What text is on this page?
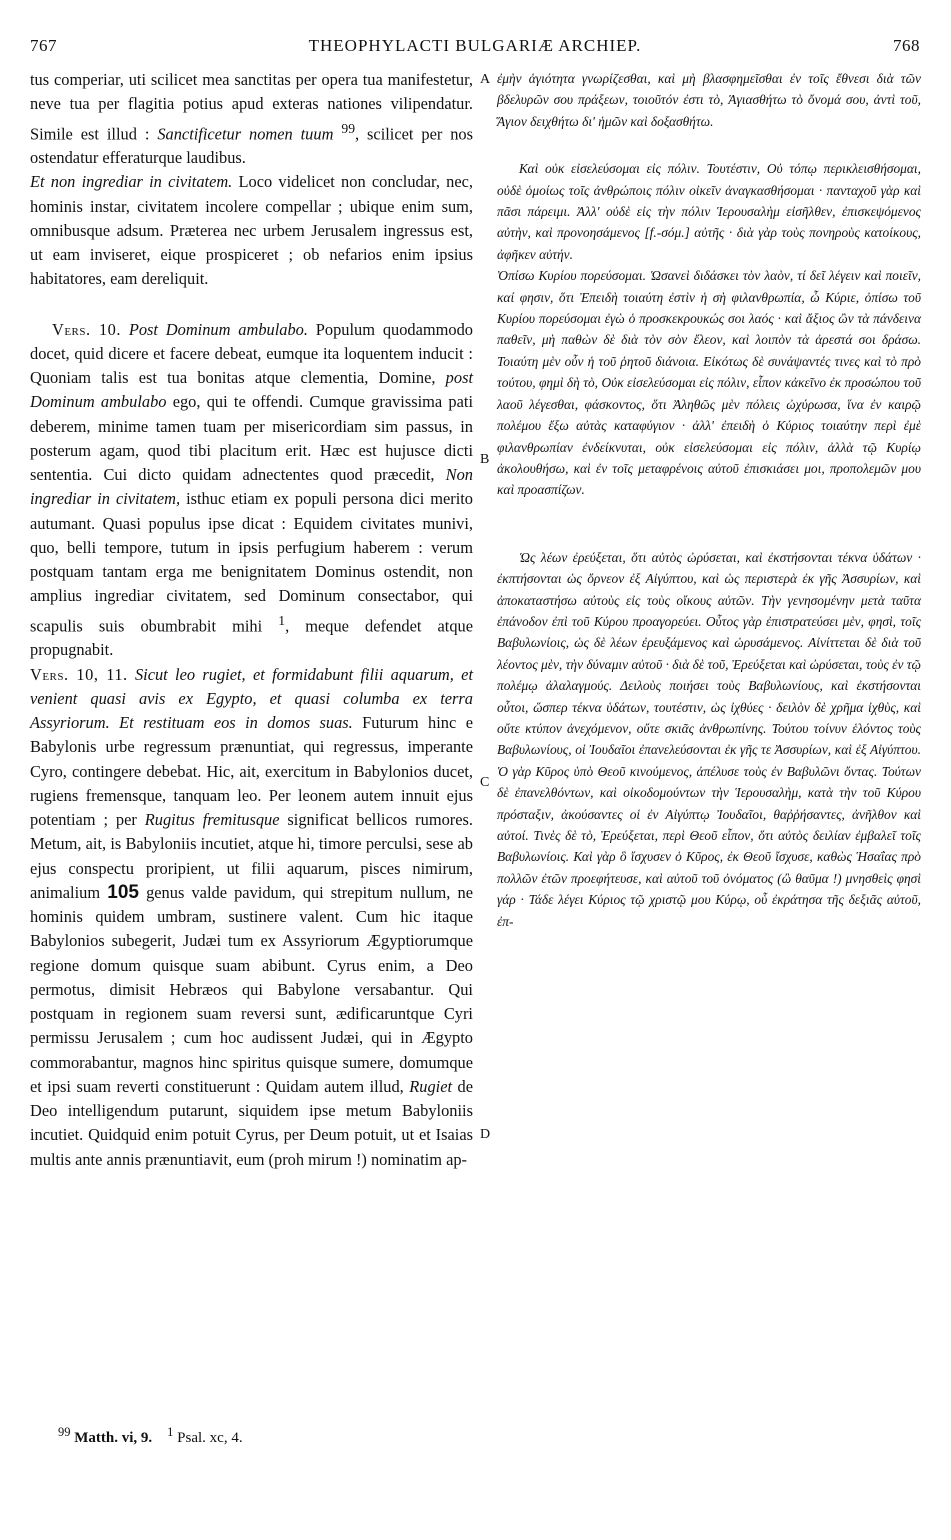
767	THEOPHYLACTI BULGARIÆ ARCHIEP.	768
A
B
C
D

tus comperiar, uti scilicet mea sanctitas per opera tua manifestetur, neve tua per flagitia potius apud exteras nationes vilipendatur. Simile est illud : Sanctificetur nomen tuum $^{99}$, scilicet per nos ostendatur efferaturque laudibus.

Et non ingrediar in civitatem. Loco videlicet non concludar, nec, hominis instar, civitatem incolere compellar ; ubique enim sum, omnibusque adsum. Præterea nec urbem Jerusalem ingressus est, ut eam inviseret, eique prospiceret ; ob nefarios enim ipsius habitatores, eam dereliquit.

Vers. 10. Post Dominum ambulabo. Populum quodammodo docet, quid dicere et facere debeat, eumque ita loquentem inducit : Quoniam talis est tua bonitas atque clementia, Domine, post Dominum ambulabo ego, qui te offendi. Cumque gravissima pati deberem, minime tamen tuam per misericordiam sim passus, in posterum agam, quod tibi placitum erit. Hæc est hujusce dicti sententia. Cui dicto quidam adnectentes quod præcedit, Non ingrediar in civitatem, isthuc etiam ex populi persona dici merito autumant. Quasi populus ipse dicat : Equidem civitates munivi, quo, belli tempore, tutum in ipsis perfugium haberem : verum postquam tantam erga me benignitatem Dominus ostendit, non amplius ingrediar civitatem, sed Dominum consectabor, qui scapulis suis obumbrabit mihi $^1$, meque defendet atque propugnabit.

Vers. 10, 11. Sicut leo rugiet, et formidabunt filii aquarum, et venient quasi avis ex Egypto, et quasi columba ex terra Assyriorum. Et restituam eos in domos suas. Futurum hinc e Babylonis urbe regressum prænuntiat, qui regressus, imperante Cyro, contingere debebat. Hic, ait, exercitum in Babylonios ducet, rugiens fremensque, tanquam leo. Per leonem autem innuit ejus potentiam ; per Rugitus fremitusque significat bellicos rumores. Metum, ait, is Babyloniis incutiet, atque hi, timore perculsi, sese ab ejus conspectu proripient, ut filii aquarum, pisces nimirum, animalium 105 genus valde pavidum, qui strepitum nullum, ne hominis quidem umbram, sustinere valent. Cum hic itaque Babylonios subegerit, Judæi tum ex Assyriorum Ægyptiorumque regione domum quisque suam abibunt. Cyrus enim, a Deo permotus, dimisit Hebræos qui Babylone versabantur. Qui postquam in regionem suam reversi sunt, ædificaruntque Cyri permissu Jerusalem ; cum hoc audissent Judæi, qui in Ægypto commorabantur, magnos hinc spiritus quisque sumere, domumque et ipsi suam reverti constituerunt : Quidam autem illud, Rugiet de Deo intelligendum putarunt, siquidem ipse metum Babyloniis incutiet. Quidquid enim potuit Cyrus, per Deum potuit, ut et Isaias multis ante annis prænuntiavit, eum (proh mirum !) nominatim ap-

ἐμὴν ἁγιότητα γνωρίζεσθαι, καὶ μὴ βλασφημεῖσθαι ἐν τοῖς ἔθνεσι διὰ τῶν βδελυρῶν σου πράξεων, τοιοῦτόν ἐστι τὸ, Ἁγιασθήτω τὸ ὄνομά σου, ἀντὶ τοῦ, Ἅγιον δειχθήτω δι' ἡμῶν καὶ δοξασθήτω.

Καὶ οὐκ εἰσελεύσομαι εἰς πόλιν. Τουτέστιν, Οὐ τόπῳ περικλεισθήσομαι, οὐδὲ ὁμοίως τοῖς ἀνθρώποις πόλιν οἰκεῖν ἀναγκασθήσομαι · πανταχοῦ γὰρ καὶ πᾶσι πάρειμι. Ἀλλ' οὐδὲ εἰς τὴν πόλιν Ἱερουσαλὴμ εἰσῆλθεν, ἐπισκεψόμενος αὐτὴν, καὶ προνοησάμενος [f.-σόμ.] αὐτῆς · διὰ γὰρ τοὺς πονηροὺς κατοίκους, ἀφῆκεν αὐτήν.

Ὀπίσω Κυρίου πορεύσομαι. Ὡσανεὶ διδάσκει τὸν λαὸν, τί δεῖ λέγειν καὶ ποιεῖν, καί φησιν, ὅτι Ἐπειδὴ τοιαύτη ἐστὶν ἡ σὴ φιλανθρωπία, ὦ Κύριε, ὀπίσω τοῦ Κυρίου πορεύσομαι ἐγὼ ὁ προσκεκρουκώς σοι λαός · καὶ ἄξιος ὢν τὰ πάνδεινα παθεῖν, μὴ παθὼν δὲ διὰ τὸν σὸν ἔλεον, καὶ λοιπὸν τὰ ἀρεστά σοι δράσω. Τοιαύτη μὲν οὖν ἡ τοῦ ῥητοῦ διάνοια. Εἰκότως δὲ συνάψαντές τινες καὶ τὸ πρὸ τούτου, φημὶ δὴ τὸ, Οὐκ εἰσελεύσομαι εἰς πόλιν, εἶπον κἀκεῖνο ἐκ προσώπου τοῦ λαοῦ λέγεσθαι, φάσκοντος, ὅτι Ἀληθῶς μὲν πόλεις ὠχύρωσα, ἵνα ἐν καιρῷ πολέμου ἔξω αὐτὰς καταφύγιον · ἀλλ' ἐπειδὴ ὁ Κύριος τοιαύτην περὶ ἐμὲ φιλανθρωπίαν ἐνδείκνυται, οὐκ εἰσελεύσομαι εἰς πόλιν, ἀλλὰ τῷ Κυρίῳ ἀκολουθήσω, καὶ ἐν τοῖς μεταφρένοις αὐτοῦ ἐπισκιάσει μοι, προπολεμῶν μου καὶ προασπίζων.

Ὡς λέων ἐρεύξεται, ὅτι αὐτὸς ὠρύσεται, καὶ ἐκστήσονται τέκνα ὑδάτων · ἐκπτήσονται ὡς ὄρνεον ἐξ Αἰγύπτου, καὶ ὡς περιστερὰ ἐκ γῆς Ἀσσυρίων, καὶ ἀποκαταστήσω αὐτοὺς εἰς τοὺς οἴκους αὐτῶν. Τὴν γενησομένην μετὰ ταῦτα ἐπάνοδον ἐπὶ τοῦ Κύρου προαγορεύει. Οὗτος γὰρ ἐπιστρατεύσει μὲν, φησὶ, τοῖς Βαβυλωνίοις, ὡς δὲ λέων ἐρευξάμενος καὶ ὠρυσάμενος. Αἰνίττεται δὲ διὰ τοῦ λέοντος μὲν, τὴν δύναμιν αὐτοῦ · διὰ δὲ τοῦ, Ἐρεύξεται καὶ ὠρύσεται, τοὺς ἐν τῷ πολέμῳ ἀλαλαγμούς. Δειλοὺς ποιήσει τοὺς Βαβυλωνίους, καὶ ἐκστήσονται οὗτοι, ὥσπερ τέκνα ὑδάτων, τουτέστιν, ὡς ἰχθύες · δειλὸν δὲ χρῆμα ἰχθὺς, καὶ οὔτε κτύπον ἀνεχόμενον, οὔτε σκιᾶς ἀνθρωπίνης. Τούτου τοίνυν ἑλόντος τοὺς Βαβυλωνίους, οἱ Ἰουδαῖοι ἐπανελεύσονται ἐκ γῆς τε Ἀσσυρίων, καὶ ἐξ Αἰγύπτου. Ὁ γὰρ Κῦρος ὑπὸ Θεοῦ κινούμενος, ἀπέλυσε τοὺς ἐν Βαβυλῶνι ὄντας. Τούτων δὲ ἐπανελθόντων, καὶ οἰκοδομούντων τὴν Ἱερουσαλὴμ, κατὰ τὴν τοῦ Κύρου πρόσταξιν, ἀκούσαντες οἱ ἐν Αἰγύπτῳ Ἰουδαῖοι, θαῤῥήσαντες, ἀνῆλθον καὶ αὐτοί. Τινὲς δὲ τὸ, Ἐρεύξεται, περὶ Θεοῦ εἶπον, ὅτι αὐτὸς δειλίαν ἐμβαλεῖ τοῖς Βαβυλωνίοις. Καὶ γὰρ ὃ ἴσχυσεν ὁ Κῦρος, ἐκ Θεοῦ ἴσχυσε, καθὼς Ἡσαΐας πρὸ πολλῶν ἐτῶν προεφήτευσε, καὶ αὐτοῦ τοῦ ὀνόματος (ὢ θαῦμα !) μνησθεὶς φησὶ γάρ · Τάδε λέγει Κύριος τῷ χριστῷ μου Κύρῳ, οὗ ἐκράτησα τῆς δεξιᾶς αὐτοῦ, ἐπ-

$^{99}$ Matth. vi, 9. $^1$ Psal. xc, 4.
